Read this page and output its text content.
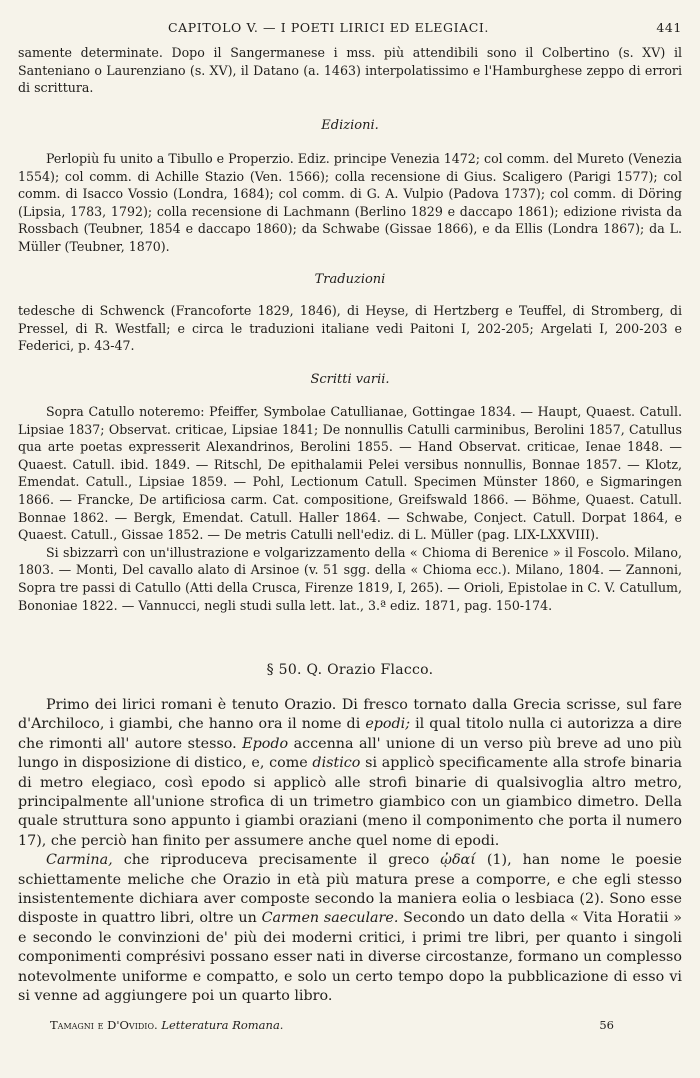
CAPITOLO V. — I POETI LIRICI ED ELEGIACI.	441

samente determinate. Dopo il Sangermanese i mss. più attendibili sono il Colbertino (s. XV) il Santeniano o Laurenziano (s. XV), il Datano (a. 1463) interpolatissimo e l'Hamburghese zeppo di errori di scrittura.

Edizioni.

Perlopiù fu unito a Tibullo e Properzio. Ediz. principe Venezia 1472; col comm. del Mureto (Venezia 1554); col comm. di Achille Stazio (Ven. 1566); colla recensione di Gius. Scaligero (Parigi 1577); col comm. di Isacco Vossio (Londra, 1684); col comm. di G. A. Vulpio (Padova 1737); col comm. di Döring (Lipsia, 1783, 1792); colla recensione di Lachmann (Berlino 1829 e daccapo 1861); edizione rivista da Rossbach (Teubner, 1854 e daccapo 1860); da Schwabe (Gissae 1866), e da Ellis (Londra 1867); da L. Müller (Teubner, 1870).

Traduzioni

tedesche di Schwenck (Francoforte 1829, 1846), di Heyse, di Hertzberg e Teuffel, di Stromberg, di Pressel, di R. Westfall; e circa le traduzioni italiane vedi Paitoni I, 202-205; Argelati I, 200-203 e Federici, p. 43-47.

Scritti varii.

Sopra Catullo noteremo: Pfeiffer, Symbolae Catullianae, Gottingae 1834. — Haupt, Quaest. Catull. Lipsiae 1837; Observat. criticae, Lipsiae 1841; De nonnullis Catulli carminibus, Berolini 1857, Catullus qua arte poetas expresserit Alexandrinos, Berolini 1855. — Hand Observat. criticae, Ienae 1848. — Quaest. Catull. ibid. 1849. — Ritschl, De epithalamii Pelei versibus nonnullis, Bonnae 1857. — Klotz, Emendat. Catull., Lipsiae 1859. — Pohl, Lectionum Catull. Specimen Münster 1860, e Sigmaringen 1866. — Francke, De artificiosa carm. Cat. compositione, Greifswald 1866. — Böhme, Quaest. Catull. Bonnae 1862. — Bergk, Emendat. Catull. Haller 1864. — Schwabe, Conject. Catull. Dorpat 1864, e Quaest. Catull., Gissae 1852. — De metris Catulli nell'ediz. di L. Müller (pag. LIX-LXXVIII).

Si sbizzarrì con un'illustrazione e volgarizzamento della « Chioma di Berenice » il Foscolo. Milano, 1803. — Monti, Del cavallo alato di Arsinoe (v. 51 sgg. della « Chioma ecc.). Milano, 1804. — Zannoni, Sopra tre passi di Catullo (Atti della Crusca, Firenze 1819, I, 265). — Orioli, Epistolae in C. V. Catullum, Bononiae 1822. — Vannucci, negli studi sulla lett. lat., 3.ª ediz. 1871, pag. 150-174.

§ 50. Q. Orazio Flacco.

Primo dei lirici romani è tenuto Orazio. Di fresco tornato dalla Grecia scrisse, sul fare d'Archiloco, i giambi, che hanno ora il nome di epodi; il qual titolo nulla ci autorizza a dire che rimonti all' autore stesso. Epodo accenna all' unione di un verso più breve ad uno più lungo in disposizione di distico, e, come distico si applicò specificamente alla strofe binaria di metro elegiaco, così epodo si applicò alle strofi binarie di qualsivoglia altro metro, principalmente all'unione strofica di un trimetro giambico con un giambico dimetro. Della quale struttura sono appunto i giambi oraziani (meno il componimento che porta il numero 17), che perciò han finito per assumere anche quel nome di epodi.

Carmina, che riproduceva precisamente il greco ᾠδαί (1), han nome le poesie schiettamente meliche che Orazio in età più matura prese a comporre, e che egli stesso insistentemente dichiara aver composte secondo la maniera eolia o lesbiaca (2). Sono esse disposte in quattro libri, oltre un Carmen saeculare. Secondo un dato della « Vita Horatii » e secondo le convinzioni de' più dei moderni critici, i primi tre libri, per quanto i singoli componimenti comprésivi possano esser nati in diverse circostanze, formano un complesso notevolmente uniforme e compatto, e solo un certo tempo dopo la pubblicazione di esso vi si venne ad aggiungere poi un quarto libro.

Tamagni e D'Ovidio. Letteratura Romana.	56
